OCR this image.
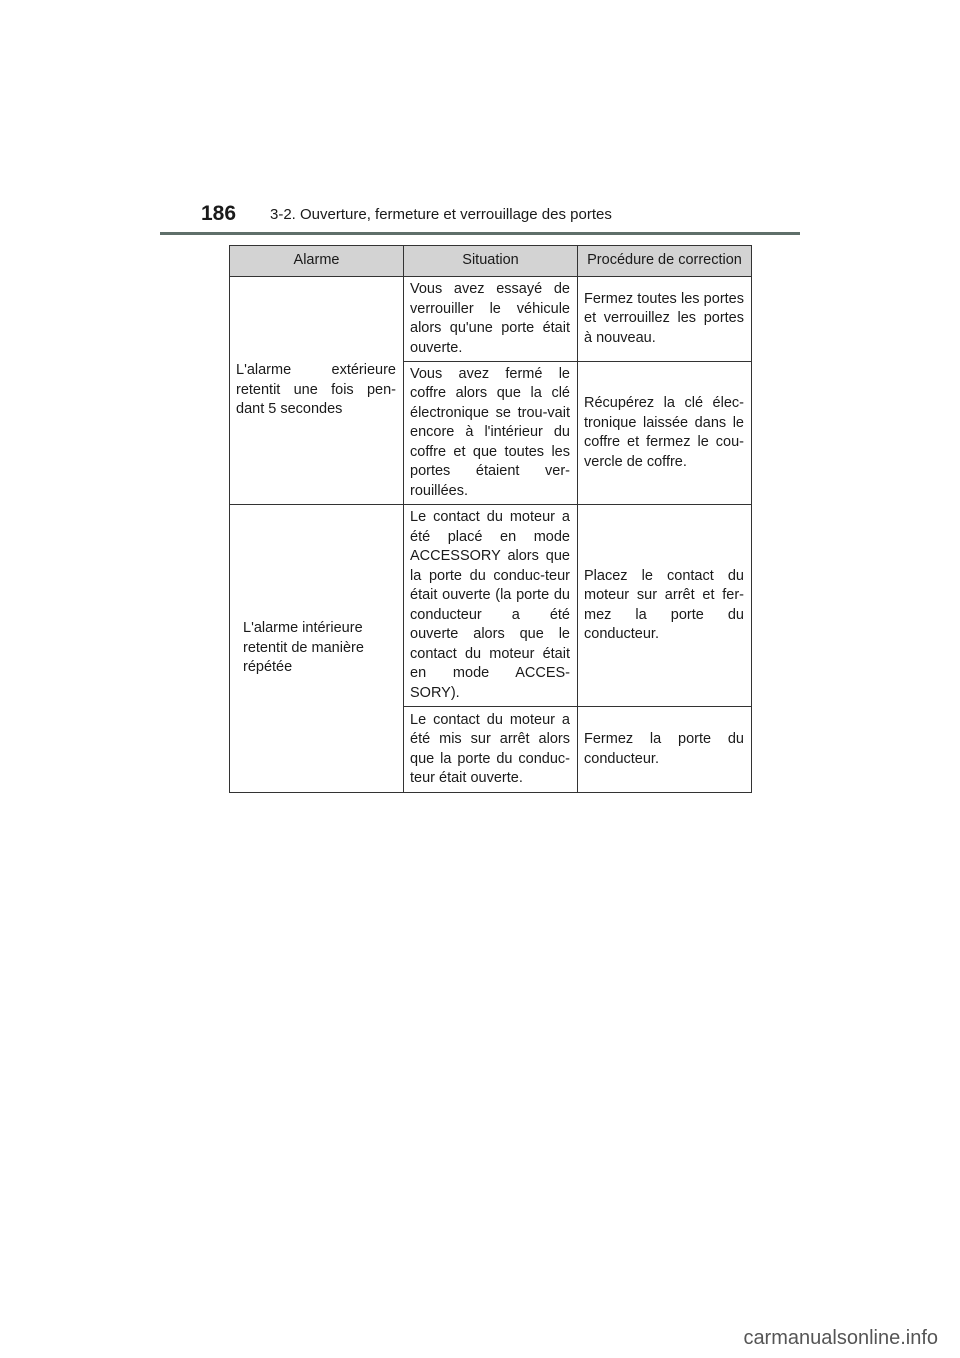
186 3-2. Ouverture, fermeture et verrouillage des portes
Alarme	Situation	Procédure de correction
L'alarme extérieure retentit une fois pen-dant 5 secondes	Vous avez essayé de verrouiller le véhicule alors qu'une porte était ouverte.	Fermez toutes les portes et verrouillez les portes à nouveau.
	Vous avez fermé le coffre alors que la clé électronique se trou-vait encore à l'intérieur du coffre et que toutes les portes étaient ver-rouillées.	Récupérez la clé élec-tronique laissée dans le coffre et fermez le cou-vercle de coffre.
L'alarme intérieure retentit de manière répétée	Le contact du moteur a été placé en mode ACCESSORY alors que la porte du conduc-teur était ouverte (la porte du conducteur a été ouverte alors que le contact du moteur était en mode ACCES-SORY).	Placez le contact du moteur sur arrêt et fer-mez la porte du conducteur.
	Le contact du moteur a été mis sur arrêt alors que la porte du conduc-teur était ouverte.	Fermez la porte du conducteur.
carmanualsonline.info
